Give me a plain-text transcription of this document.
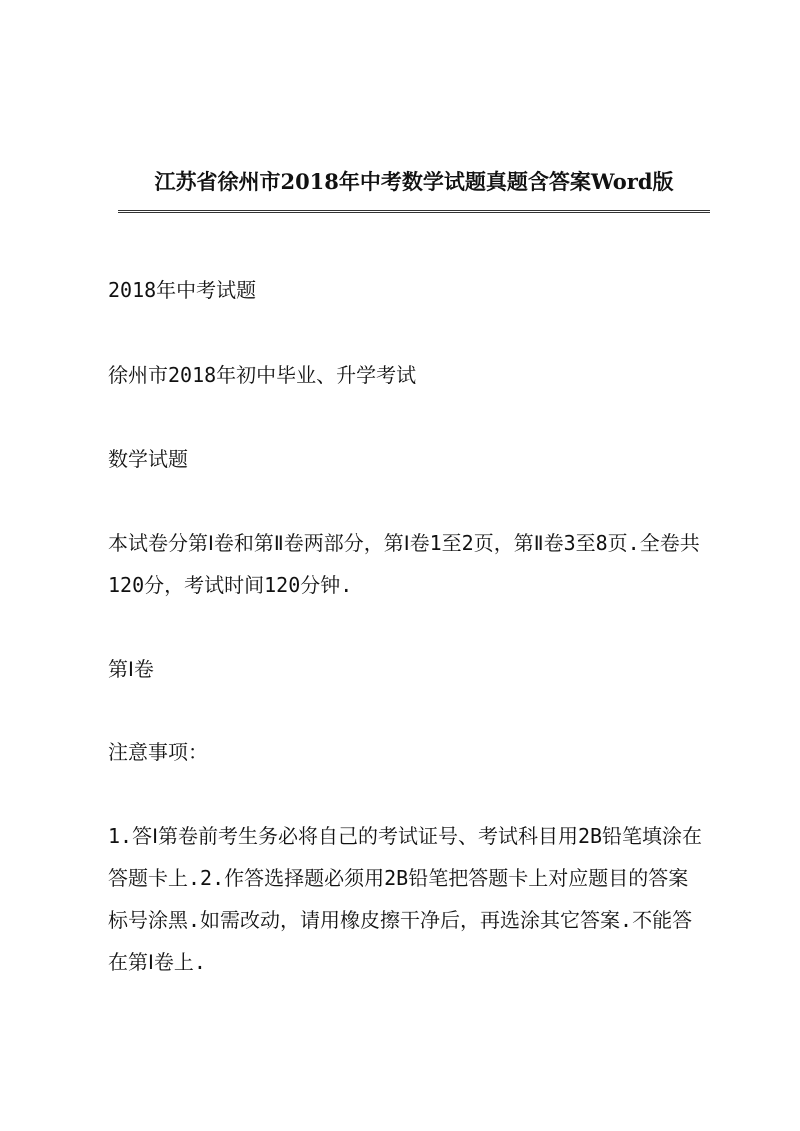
江苏省徐州市2018年中考数学试题真题含答案Word版

2018年中考试题

徐州市2018年初中毕业、升学考试

数学试题

本试卷分第Ⅰ卷和第Ⅱ卷两部分，第Ⅰ卷1至2页，第Ⅱ卷3至8页.全卷共120分，考试时间120分钟.

第Ⅰ卷

注意事项：

1.答Ⅰ第卷前考生务必将自己的考试证号、考试科目用2B铅笔填涂在答题卡上.2.作答选择题必须用2B铅笔把答题卡上对应题目的答案标号涂黑.如需改动，请用橡皮擦干净后，再选涂其它答案.不能答在第Ⅰ卷上.
